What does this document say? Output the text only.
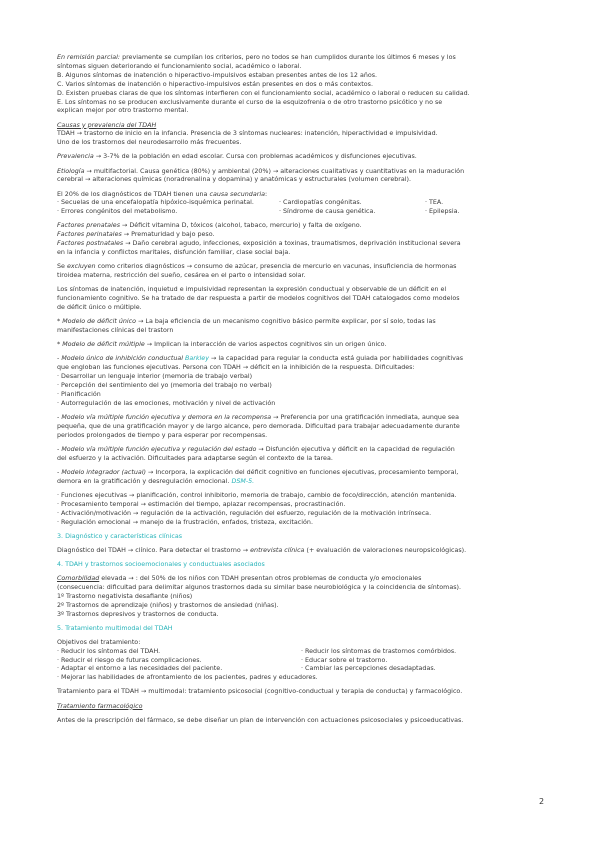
En remisión parcial: previamente se cumplían los criterios, pero no todos se han cumplidos durante los últimos 6 meses y los
síntomas siguen deteriorando el funcionamiento social, académico o laboral.
B. Algunos síntomas de inatención o hiperactivo-impulsivos estaban presentes antes de los 12 años.
C. Varios síntomas de inatención o hiperactivo-impulsivos están presentes en dos o más contextos.
D. Existen pruebas claras de que los síntomas interfieren con el funcionamiento social, académico o laboral o reducen su calidad.
E. Los síntomas no se producen exclusivamente durante el curso de la esquizofrenia o de otro trastorno psicótico y no se
explican mejor por otro trastorno mental.
Causas y prevalencia del TDAH
TDAH → trastorno de inicio en la infancia. Presencia de 3 síntomas nucleares: inatención, hiperactividad e impulsividad.
Uno de los trastornos del neurodesarrollo más frecuentes.
Prevalencia → 3-7% de la población en edad escolar. Cursa con problemas académicos y disfunciones ejecutivas.
Etiología → multifactorial. Causa genética (80%) y ambiental (20%) → alteraciones cualitativas y cuantitativas en la maduración
cerebral → alteraciones químicas (noradrenalina y dopamina) y anatómicas y estructurales (volumen cerebral).
El 20% de los diagnósticos de TDAH tienen una causa secundaria:
· Secuelas de una encefalopatía hipóxico-isquémica perinatal.
· Errores congénitos del metabolismo.
· Cardiopatías congénitas.
· Síndrome de causa genética.
· TEA.
· Epilepsia.
Factores prenatales → Déficit vitamina D, tóxicos (alcohol, tabaco, mercurio) y falta de oxígeno.
Factores perinatales → Prematuridad y bajo peso.
Factores postnatales → Daño cerebral agudo, infecciones, exposición a toxinas, traumatismos, deprivación institucional severa
en la infancia y conflictos maritales, disfunción familiar, clase social baja.
Se excluyen como criterios diagnósticos → consumo de azúcar, presencia de mercurio en vacunas, insuficiencia de hormonas
tiroidea materna, restricción del sueño, cesárea en el parto o intensidad solar.
Los síntomas de inatención, inquietud e impulsividad representan la expresión conductual y observable de un déficit en el
funcionamiento cognitivo. Se ha tratado de dar respuesta a partir de modelos cognitivos del TDAH catalogados como modelos
de déficit único o múltiple.
* Modelo de déficit único → La baja eficiencia de un mecanismo cognitivo básico permite explicar, por sí solo, todas las
manifestaciones clínicas del trastorn
* Modelo de déficit múltiple → Implican la interacción de varios aspectos cognitivos sin un origen único.
- Modelo único de inhibición conductual Barkley → la capacidad para regular la conducta está guiada por habilidades cognitivas
que engloban las funciones ejecutivas. Persona con TDAH → déficit en la inhibición de la respuesta. Dificultades:
· Desarrollar un lenguaje interior (memoria de trabajo verbal)
· Percepción del sentimiento del yo (memoria del trabajo no verbal)
· Planificación
· Autorregulación de las emociones, motivación y nivel de activación
- Modelo vía múltiple función ejecutiva y demora en la recompensa → Preferencia por una gratificación inmediata, aunque sea
pequeña, que de una gratificación mayor y de largo alcance, pero demorada. Dificultad para trabajar adecuadamente durante
periodos prolongados de tiempo y para esperar por recompensas.
- Modelo vía múltiple función ejecutiva y regulación del estado → Disfunción ejecutiva y déficit en la capacidad de regulación
del esfuerzo y la activación. Dificultades para adaptarse según el contexto de la tarea.
- Modelo integrador (actual) → Incorpora, la explicación del déficit cognitivo en funciones ejecutivas, procesamiento temporal,
demora en la gratificación y desregulación emocional. DSM-5.
· Funciones ejecutivas → planificación, control inhibitorio, memoria de trabajo, cambio de foco/dirección, atención mantenida.
· Procesamiento temporal → estimación del tiempo, aplazar recompensas, procrastinación.
· Activación/motivación → regulación de la activación, regulación del esfuerzo, regulación de la motivación intrínseca.
· Regulación emocional → manejo de la frustración, enfados, tristeza, excitación.
3. Diagnóstico y características clínicas
Diagnóstico del TDAH → clínico. Para detectar el trastorno → entrevista clínica (+ evaluación de valoraciones neuropsicológicas).
4. TDAH y trastornos socioemocionales y conductuales asociados
Comorbilidad elevada → : del 50% de los niños con TDAH presentan otros problemas de conducta y/o emocionales
(consecuencia: dificultad para delimitar algunos trastornos dada su similar base neurobiológica y la coincidencia de síntomas).
1º Trastorno negativista desafiante (niños)
2º Trastornos de aprendizaje (niños) y trastornos de ansiedad (niñas).
3º Trastornos depresivos y trastornos de conducta.
5. Tratamiento multimodal del TDAH
Objetivos del tratamiento:
· Reducir los síntomas del TDAH.
· Reducir el riesgo de futuras complicaciones.
· Adaptar el entorno a las necesidades del paciente.
· Reducir los síntomas de trastornos comórbidos.
· Educar sobre el trastorno.
· Cambiar las percepciones desadaptadas.
· Mejorar las habilidades de afrontamiento de los pacientes, padres y educadores.
Tratamiento para el TDAH → multimodal: tratamiento psicosocial (cognitivo-conductual y terapia de conducta) y farmacológico.
Tratamiento farmacológico
Antes de la prescripción del fármaco, se debe diseñar un plan de intervención con actuaciones psicosociales y psicoeducativas.
2
